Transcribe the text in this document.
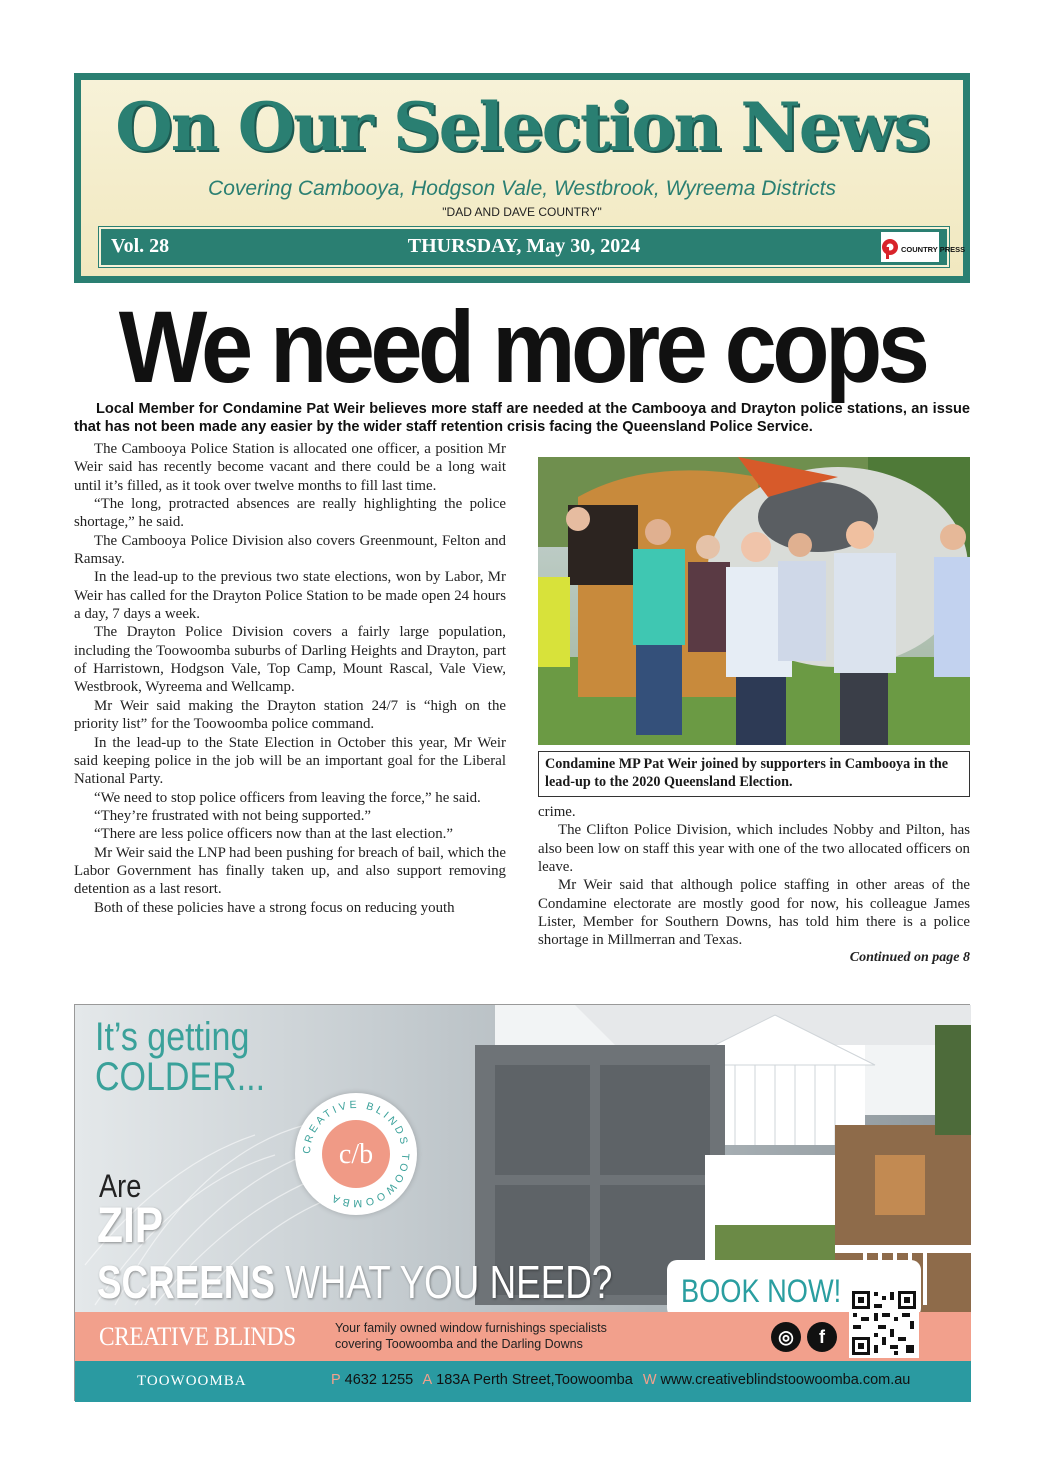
On Our Selection News
Covering Cambooya, Hodgson Vale, Westbrook, Wyreema Districts
"DAD AND DAVE COUNTRY"
Vol. 28	THURSDAY, May 30, 2024	COUNTRY PRESS
We need more cops

Local Member for Condamine Pat Weir believes more staff are needed at the Cambooya and Drayton police stations, an issue that has not been made any easier by the wider staff retention crisis facing the Queensland Police Service.

The Cambooya Police Station is allocated one officer, a position Mr Weir said has recently become vacant and there could be a long wait until it’s filled, as it took over twelve months to fill last time.

“The long, protracted absences are really highlighting the police shortage,” he said.

The Cambooya Police Division also covers Greenmount, Felton and Ramsay.

In the lead-up to the previous two state elections, won by Labor, Mr Weir has called for the Drayton Police Station to be made open 24 hours a day, 7 days a week.

The Drayton Police Division covers a fairly large population, including the Toowoomba suburbs of Darling Heights and Drayton, part of Harristown, Hodgson Vale, Top Camp, Mount Rascal, Vale View, Westbrook, Wyreema and Wellcamp.

Mr Weir said making the Drayton station 24/7 is “high on the priority list” for the Toowoomba police command.

In the lead-up to the State Election in October this year, Mr Weir said keeping police in the job will be an important goal for the Liberal National Party.

“We need to stop police officers from leaving the force,” he said.

“They’re frustrated with not being supported.”

“There are less police officers now than at the last election.”

Mr Weir said the LNP had been pushing for breach of bail, which the Labor Government has finally taken up, and also support removing detention as a last resort.

Both of these policies have a strong focus on reducing youth

Condamine MP Pat Weir joined by supporters in Cambooya in the lead-up to the 2020 Queensland Election.
crime.

The Clifton Police Division, which includes Nobby and Pilton, has also been low on staff this year with one of the two allocated officers on leave.

Mr Weir said that although police staffing in other areas of the Condamine electorate are mostly good for now, his colleague James Lister, Member for Southern Downs, has told him there is a police shortage in Millmerran and Texas.

Continued on page 8
It’s getting
COLDER...
CREATIVE BLINDS TOOWOOMBA
c/b
Are
ZIP
SCREENS WHAT YOU NEED?	BOOK NOW!
CREATIVE BLINDS	Your family owned window furnishings specialists
covering Toowoomba and the Darling Downs	◎	f
TOOWOOMBA	P 4632 1255 A 183A Perth Street,Toowoomba W www.creativeblindstoowoomba.com.au
